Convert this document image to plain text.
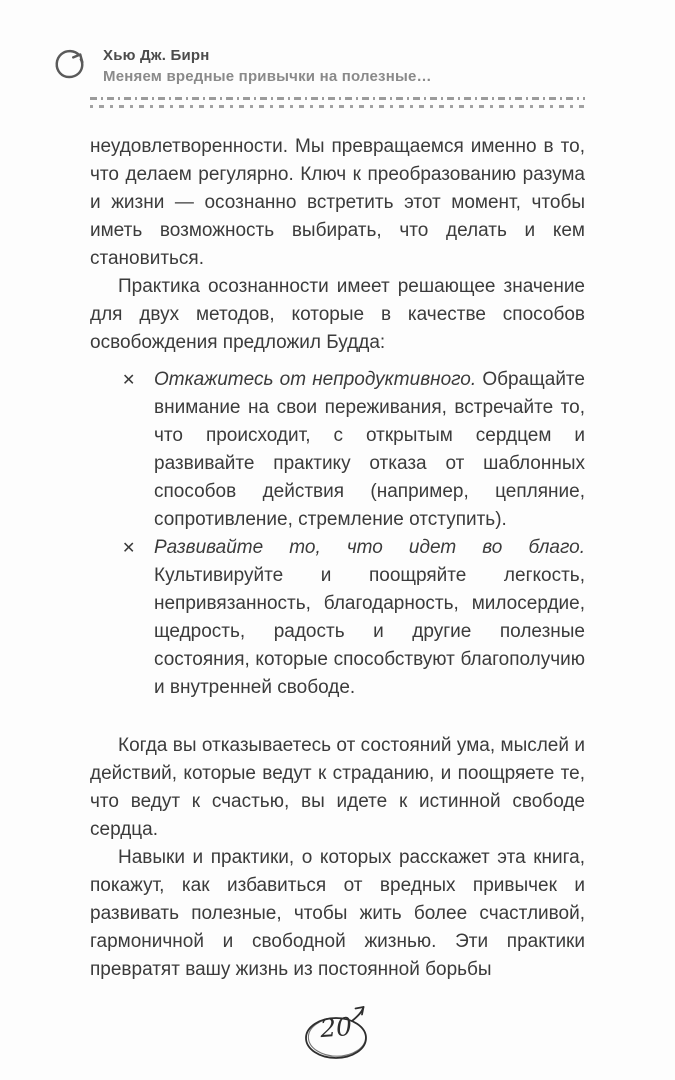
Хью Дж. Бирн
Меняем вредные привычки на полезные…

неудовлетворенности. Мы превращаемся именно в то, что делаем регулярно. Ключ к преобразованию разума и жизни — осознанно встретить этот момент, чтобы иметь возможность выбирать, что делать и кем становиться.

Практика осознанности имеет решающее значение для двух методов, которые в качестве способов освобождения предложил Будда:

✕ Откажитесь от непродуктивного. Обращайте внимание на свои переживания, встречайте то, что происходит, с открытым сердцем и развивайте практику отказа от шаблонных способов действия (например, цепляние, сопротивление, стремление отступить).
✕ Развивайте то, что идет во благо. Культивируйте и поощряйте легкость, непривязанность, благодарность, милосердие, щедрость, радость и другие полезные состояния, которые способствуют благополучию и внутренней свободе.

Когда вы отказываетесь от состояний ума, мыслей и действий, которые ведут к страданию, и поощряете те, что ведут к счастью, вы идете к истинной свободе сердца.

Навыки и практики, о которых расскажет эта книга, покажут, как избавиться от вредных привычек и развивать полезные, чтобы жить более счастливой, гармоничной и свободной жизнью. Эти практики превратят вашу жизнь из постоянной борьбы

20
